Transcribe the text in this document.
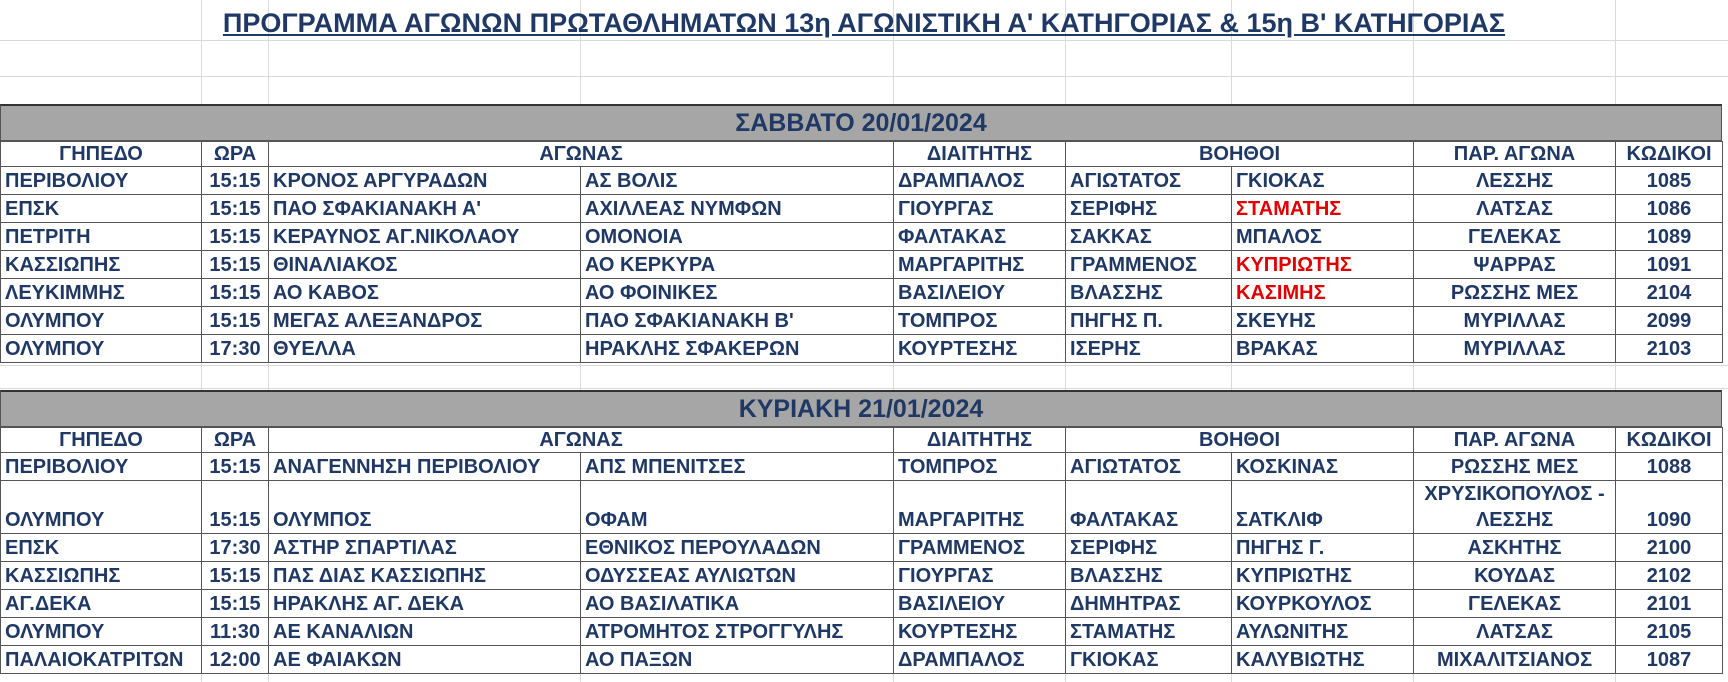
ΠΡΟΓΡΑΜΜΑ ΑΓΩΝΩΝ ΠΡΩΤΑΘΛΗΜΑΤΩΝ 13η ΑΓΩΝΙΣΤΙΚΗ Α' ΚΑΤΗΓΟΡΙΑΣ & 15η Β' ΚΑΤΗΓΟΡΙΑΣ
ΣΑΒΒΑΤΟ 20/01/2024
ΓΗΠΕΔΟ	ΩΡΑ	ΑΓΩΝΑΣ		ΔΙΑΙΤΗΤΗΣ	ΒΟΗΘΟΙ		ΠΑΡ. ΑΓΩΝΑ	ΚΩΔΙΚΟΙ
ΠΕΡΙΒΟΛΙΟΥ	15:15	ΚΡΟΝΟΣ ΑΡΓΥΡΑΔΩΝ	ΑΣ ΒΟΛΙΣ	ΔΡΑΜΠΑΛΟΣ	ΑΓΙΩΤΑΤΟΣ	ΓΚΙΟΚΑΣ	ΛΕΣΣΗΣ	1085
ΕΠΣΚ	15:15	ΠΑΟ ΣΦΑΚΙΑΝΑΚΗ Α'	ΑΧΙΛΛΕΑΣ ΝΥΜΦΩΝ	ΓΙΟΥΡΓΑΣ	ΣΕΡΙΦΗΣ	ΣΤΑΜΑΤΗΣ	ΛΑΤΣΑΣ	1086
ΠΕΤΡΙΤΗ	15:15	ΚΕΡΑΥΝΟΣ ΑΓ.ΝΙΚΟΛΑΟΥ	ΟΜΟΝΟΙΑ	ΦΑΛΤΑΚΑΣ	ΣΑΚΚΑΣ	ΜΠΑΛΟΣ	ΓΕΛΕΚΑΣ	1089
ΚΑΣΣΙΩΠΗΣ	15:15	ΘΙΝΑΛΙΑΚΟΣ	ΑΟ ΚΕΡΚΥΡΑ	ΜΑΡΓΑΡΙΤΗΣ	ΓΡΑΜΜΕΝΟΣ	ΚΥΠΡΙΩΤΗΣ	ΨΑΡΡΑΣ	1091
ΛΕΥΚΙΜΜΗΣ	15:15	ΑΟ ΚΑΒΟΣ	ΑΟ ΦΟΙΝΙΚΕΣ	ΒΑΣΙΛΕΙΟΥ	ΒΛΑΣΣΗΣ	ΚΑΣΙΜΗΣ	ΡΩΣΣΗΣ ΜΕΣ	2104
ΟΛΥΜΠΟΥ	15:15	ΜΕΓΑΣ ΑΛΕΞΑΝΔΡΟΣ	ΠΑΟ ΣΦΑΚΙΑΝΑΚΗ Β'	ΤΟΜΠΡΟΣ	ΠΗΓΗΣ Π.	ΣΚΕΥΗΣ	ΜΥΡΙΛΛΑΣ	2099
ΟΛΥΜΠΟΥ	17:30	ΘΥΕΛΛΑ	ΗΡΑΚΛΗΣ ΣΦΑΚΕΡΩΝ	ΚΟΥΡΤΕΣΗΣ	ΙΣΕΡΗΣ	ΒΡΑΚΑΣ	ΜΥΡΙΛΛΑΣ	2103
ΚΥΡΙΑΚΗ 21/01/2024
ΓΗΠΕΔΟ	ΩΡΑ	ΑΓΩΝΑΣ		ΔΙΑΙΤΗΤΗΣ	ΒΟΗΘΟΙ		ΠΑΡ. ΑΓΩΝΑ	ΚΩΔΙΚΟΙ
ΠΕΡΙΒΟΛΙΟΥ	15:15	ΑΝΑΓΕΝΝΗΣΗ ΠΕΡΙΒΟΛΙΟΥ	ΑΠΣ ΜΠΕΝΙΤΣΕΣ	ΤΟΜΠΡΟΣ	ΑΓΙΩΤΑΤΟΣ	ΚΟΣΚΙΝΑΣ	ΡΩΣΣΗΣ ΜΕΣ	1088
ΟΛΥΜΠΟΥ	15:15	ΟΛΥΜΠΟΣ	ΟΦΑΜ	ΜΑΡΓΑΡΙΤΗΣ	ΦΑΛΤΑΚΑΣ	ΣΑΤΚΛΙΦ	ΧΡΥΣΙΚΟΠΟΥΛΟΣ - ΛΕΣΣΗΣ	1090
ΕΠΣΚ	17:30	ΑΣΤΗΡ ΣΠΑΡΤΙΛΑΣ	ΕΘΝΙΚΟΣ ΠΕΡΟΥΛΑΔΩΝ	ΓΡΑΜΜΕΝΟΣ	ΣΕΡΙΦΗΣ	ΠΗΓΗΣ Γ.	ΑΣΚΗΤΗΣ	2100
ΚΑΣΣΙΩΠΗΣ	15:15	ΠΑΣ ΔΙΑΣ ΚΑΣΣΙΩΠΗΣ	ΟΔΥΣΣΕΑΣ ΑΥΛΙΩΤΩΝ	ΓΙΟΥΡΓΑΣ	ΒΛΑΣΣΗΣ	ΚΥΠΡΙΩΤΗΣ	ΚΟΥΔΑΣ	2102
ΑΓ.ΔΕΚΑ	15:15	ΗΡΑΚΛΗΣ ΑΓ. ΔΕΚΑ	ΑΟ ΒΑΣΙΛΑΤΙΚΑ	ΒΑΣΙΛΕΙΟΥ	ΔΗΜΗΤΡΑΣ	ΚΟΥΡΚΟΥΛΟΣ	ΓΕΛΕΚΑΣ	2101
ΟΛΥΜΠΟΥ	11:30	ΑΕ ΚΑΝΑΛΙΩΝ	ΑΤΡΟΜΗΤΟΣ ΣΤΡΟΓΓΥΛΗΣ	ΚΟΥΡΤΕΣΗΣ	ΣΤΑΜΑΤΗΣ	ΑΥΛΩΝΙΤΗΣ	ΛΑΤΣΑΣ	2105
ΠΑΛΑΙΟΚΑΤΡΙΤΩΝ	12:00	ΑΕ ΦΑΙΑΚΩΝ	ΑΟ ΠΑΞΩΝ	ΔΡΑΜΠΑΛΟΣ	ΓΚΙΟΚΑΣ	ΚΑΛΥΒΙΩΤΗΣ	ΜΙΧΑΛΙΤΣΙΑΝΟΣ	1087
